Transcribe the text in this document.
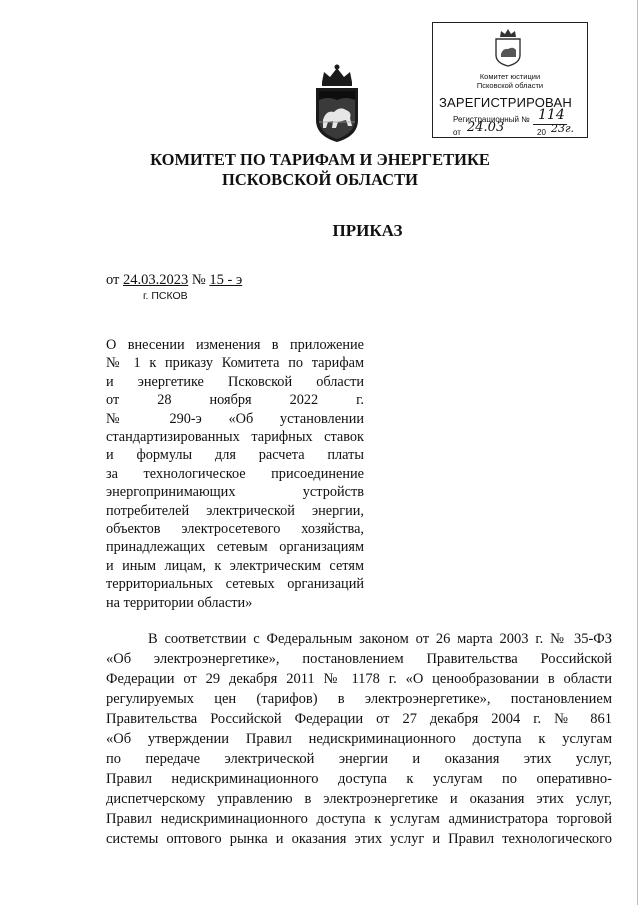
Комитет юстиции
Псковской области
ЗАРЕГИСТРИРОВАН
Регистрационный № 114
от 24.03	20 23г.
КОМИТЕТ ПО ТАРИФАМ И ЭНЕРГЕТИКЕ
ПСКОВСКОЙ ОБЛАСТИ
ПРИКАЗ
от 24.03.2023 № 15 - э
г. ПСКОВ
О внесении изменения в приложение
№ 1 к приказу Комитета по тарифам
и энергетике Псковской области
от 28 ноября 2022 г.
№ 290-э «Об установлении
стандартизированных тарифных ставок
и формулы для расчета платы
за технологическое присоединение
энергопринимающих устройств
потребителей электрической энергии,
объектов электросетевого хозяйства,
принадлежащих сетевым организациям
и иным лицам, к электрическим сетям
территориальных сетевых организаций
на территории области»
В соответствии с Федеральным законом от 26 марта 2003 г. № 35-ФЗ
«Об электроэнергетике», постановлением Правительства Российской
Федерации от 29 декабря 2011 № 1178 г. «О ценообразовании в области
регулируемых цен (тарифов) в электроэнергетике», постановлением
Правительства Российской Федерации от 27 декабря 2004 г. № 861
«Об утверждении Правил недискриминационного доступа к услугам
по передаче электрической энергии и оказания этих услуг,
Правил недискриминационного доступа к услугам по оперативно-
диспетчерскому управлению в электроэнергетике и оказания этих услуг,
Правил недискриминационного доступа к услугам администратора торговой
системы оптового рынка и оказания этих услуг и Правил технологического
